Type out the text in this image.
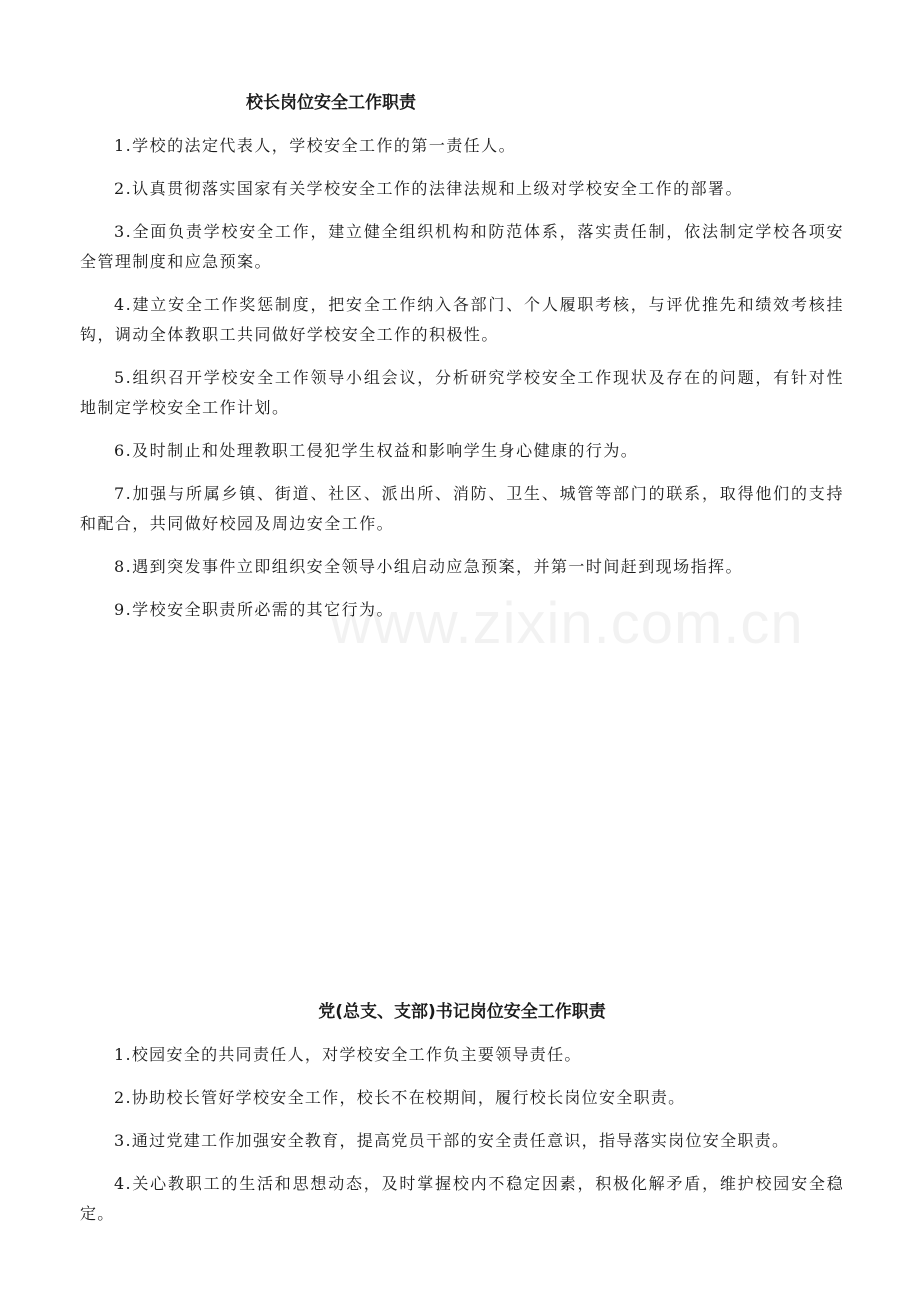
www.zixin.com.cn
校长岗位安全工作职责

1.学校的法定代表人，学校安全工作的第一责任人。

2.认真贯彻落实国家有关学校安全工作的法律法规和上级对学校安全工作的部署。

3.全面负责学校安全工作，建立健全组织机构和防范体系，落实责任制，依法制定学校各项安全管理制度和应急预案。

4.建立安全工作奖惩制度，把安全工作纳入各部门、个人履职考核，与评优推先和绩效考核挂钩，调动全体教职工共同做好学校安全工作的积极性。

5.组织召开学校安全工作领导小组会议，分析研究学校安全工作现状及存在的问题，有针对性地制定学校安全工作计划。

6.及时制止和处理教职工侵犯学生权益和影响学生身心健康的行为。

7.加强与所属乡镇、街道、社区、派出所、消防、卫生、城管等部门的联系，取得他们的支持和配合，共同做好校园及周边安全工作。

8.遇到突发事件立即组织安全领导小组启动应急预案，并第一时间赶到现场指挥。

9.学校安全职责所必需的其它行为。

党(总支、支部)书记岗位安全工作职责

1.校园安全的共同责任人，对学校安全工作负主要领导责任。

2.协助校长管好学校安全工作，校长不在校期间，履行校长岗位安全职责。

3.通过党建工作加强安全教育，提高党员干部的安全责任意识，指导落实岗位安全职责。

4.关心教职工的生活和思想动态，及时掌握校内不稳定因素，积极化解矛盾，维护校园安全稳定。
